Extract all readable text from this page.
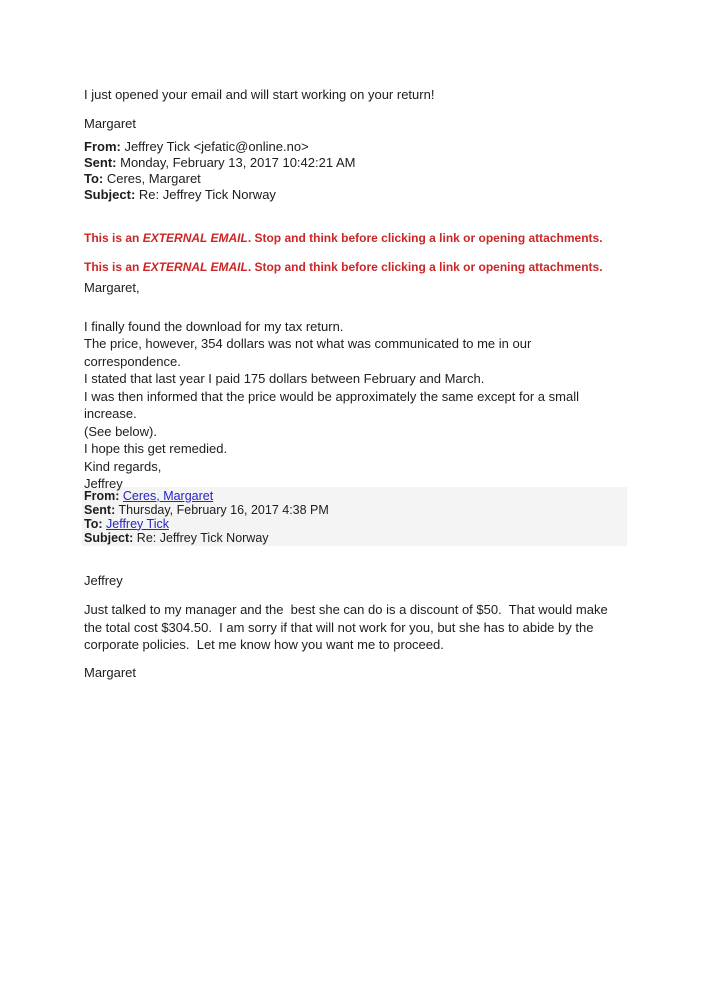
I just opened your email and will start working on your return!
Margaret
From: Jeffrey Tick <jefatic@online.no>
Sent: Monday, February 13, 2017 10:42:21 AM
To: Ceres, Margaret
Subject: Re: Jeffrey Tick Norway
This is an EXTERNAL EMAIL. Stop and think before clicking a link or opening attachments.
This is an EXTERNAL EMAIL. Stop and think before clicking a link or opening attachments.
Margaret,
I finally found the download for my tax return.
The price, however, 354 dollars was not what was communicated to me in our correspondence.
I stated that last year I paid 175 dollars between February and March.
I was then informed that the price would be approximately the same except for a small increase.
(See below).
I hope this get remedied.
Kind regards,
Jeffrey
From: Ceres, Margaret
Sent: Thursday, February 16, 2017 4:38 PM
To: Jeffrey Tick
Subject: Re: Jeffrey Tick Norway
Jeffrey
Just talked to my manager and the  best she can do is a discount of $50.  That would make the total cost $304.50.  I am sorry if that will not work for you, but she has to abide by the corporate policies.  Let me know how you want me to proceed.
Margaret
